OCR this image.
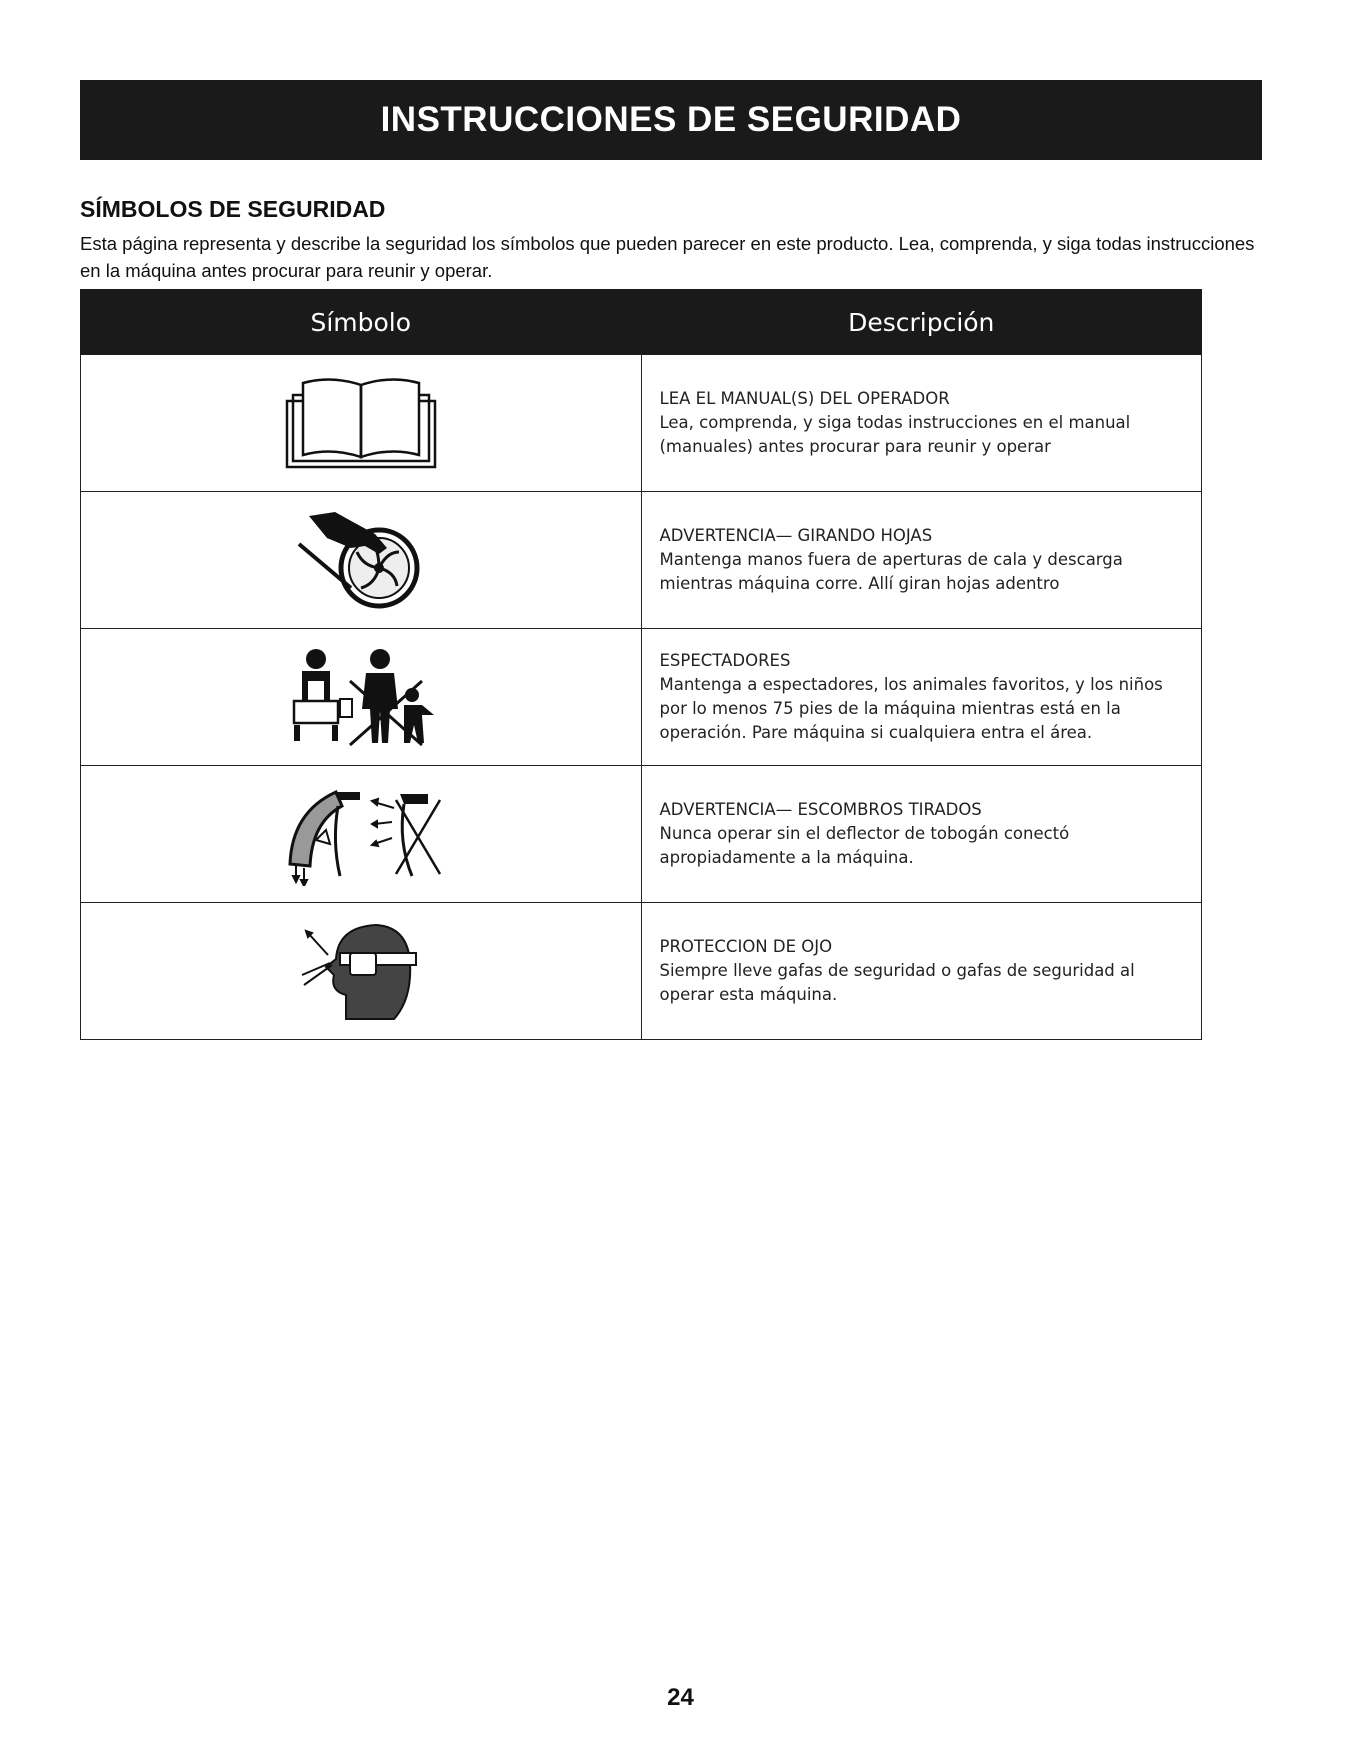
INSTRUCCIONES DE SEGURIDAD
SÍMBOLOS DE SEGURIDAD
Esta página representa y describe la seguridad los símbolos que pueden parecer en este producto. Lea, comprenda, y siga todas instrucciones en la máquina antes procurar para reunir y operar.
Símbolo	Descripción

LEA EL MANUAL(S) DEL OPERADOR
Lea, comprenda, y siga todas instrucciones en el manual (manuales) antes procurar para reunir y operar

ADVERTENCIA— GIRANDO HOJAS
Mantenga manos fuera de aperturas de cala y descarga mientras máquina corre. Allí giran hojas adentro

ESPECTADORES
Mantenga a espectadores, los animales favoritos, y los niños por lo menos 75 pies de la máquina mientras está en la operación. Pare máquina si cualquiera entra el área.

ADVERTENCIA— ESCOMBROS TIRADOS
Nunca operar sin el deflector de tobogán conectó apropiadamente a la máquina.

PROTECCION DE OJO
Siempre lleve gafas de seguridad o gafas de seguridad al operar esta máquina.
24
